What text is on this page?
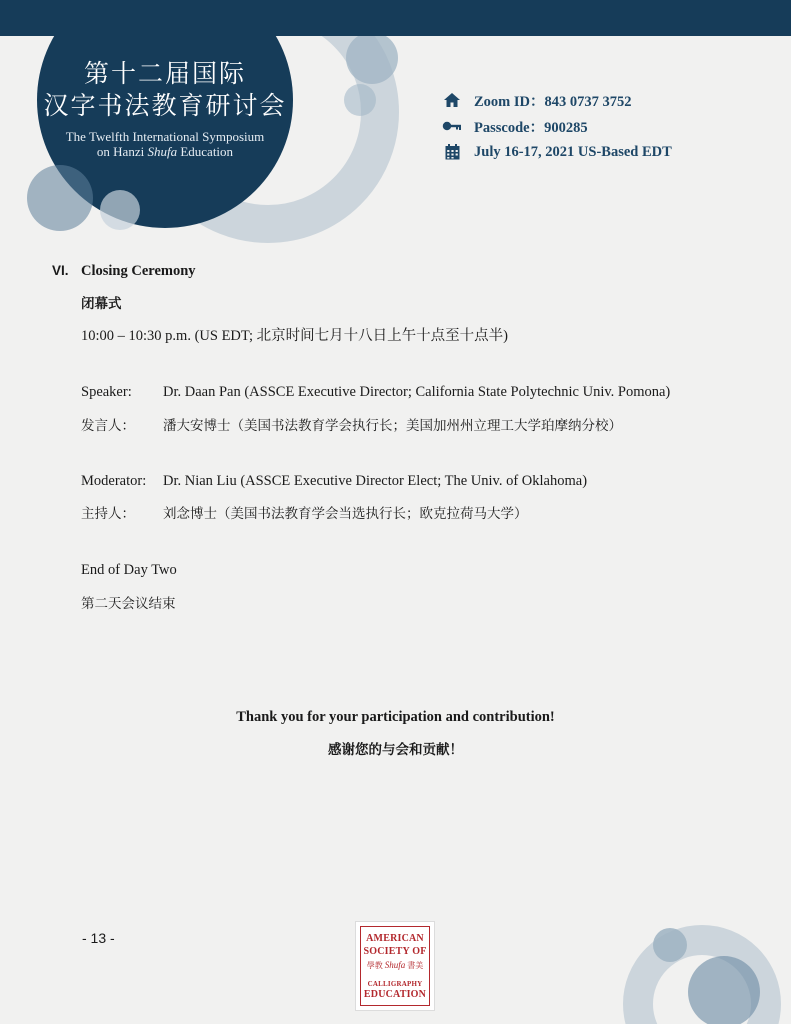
第十二届国际
汉字书法教育研讨会
The Twelfth International Symposium
on Hanzi Shufa Education
Zoom ID：843 0737 3752
Passcode：900285
July 16-17, 2021 US-Based EDT
VI. Closing Ceremony
闭幕式
10:00 – 10:30 p.m. (US EDT; 北京时间七月十八日上午十点至十点半)
Speaker: Dr. Daan Pan (ASSCE Executive Director; California State Polytechnic Univ. Pomona)
发言人： 潘大安博士（美国书法教育学会执行长；美国加州州立理工大学珀摩纳分校）
Moderator: Dr. Nian Liu (ASSCE Executive Director Elect; The Univ. of Oklahoma)
主持人： 刘念博士（美国书法教育学会当选执行长；欧克拉荷马大学）
End of Day Two
第二天会议结束
Thank you for your participation and contribution!
感谢您的与会和贡献！
- 13 -	AMERICAN
SOCIETY OF
學教 Shufa 書美
CALLIGRAPHY
EDUCATION
